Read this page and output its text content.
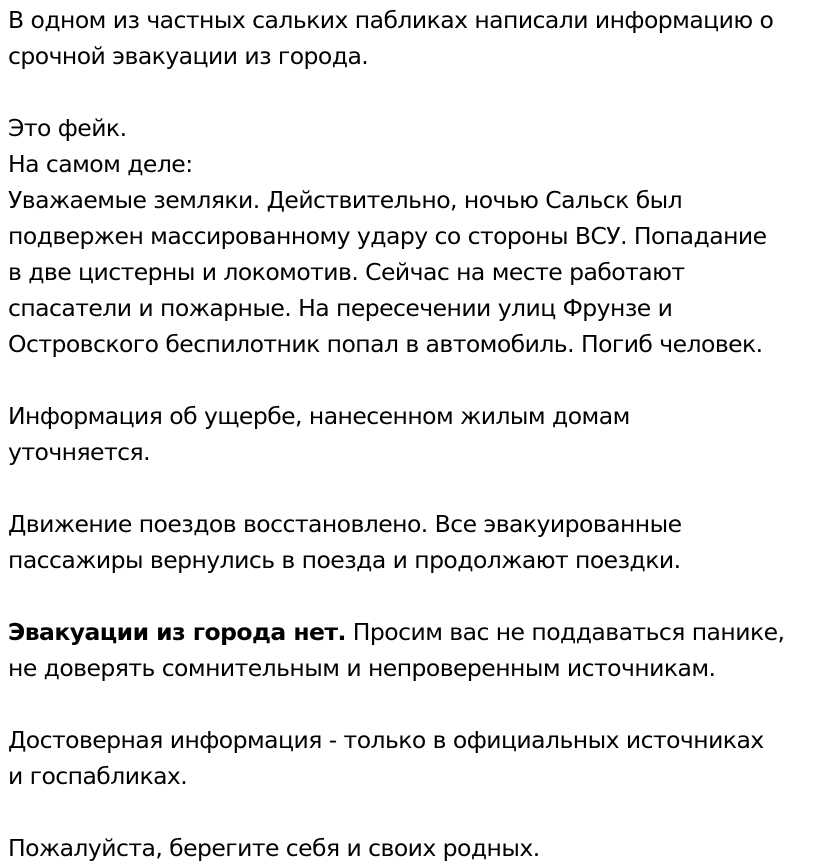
В одном из частных сальких пабликах написали информацию о
срочной эвакуации из города.

Это фейк.
На самом деле:
Уважаемые земляки. Действительно, ночью Сальск был
подвержен массированному удару со стороны ВСУ. Попадание
в две цистерны и локомотив. Сейчас на месте работают
спасатели и пожарные. На пересечении улиц Фрунзе и
Островского беспилотник попал в автомобиль. Погиб человек.

Информация об ущербе, нанесенном жилым домам
уточняется.

Движение поездов восстановлено. Все эвакуированные
пассажиры вернулись в поезда и продолжают поездки.

Эвакуации из города нет. Просим вас не поддаваться панике,
не доверять сомнительным и непроверенным источникам.

Достоверная информация - только в официальных источниках
и госпабликах.

Пожалуйста, берегите себя и своих родных.
